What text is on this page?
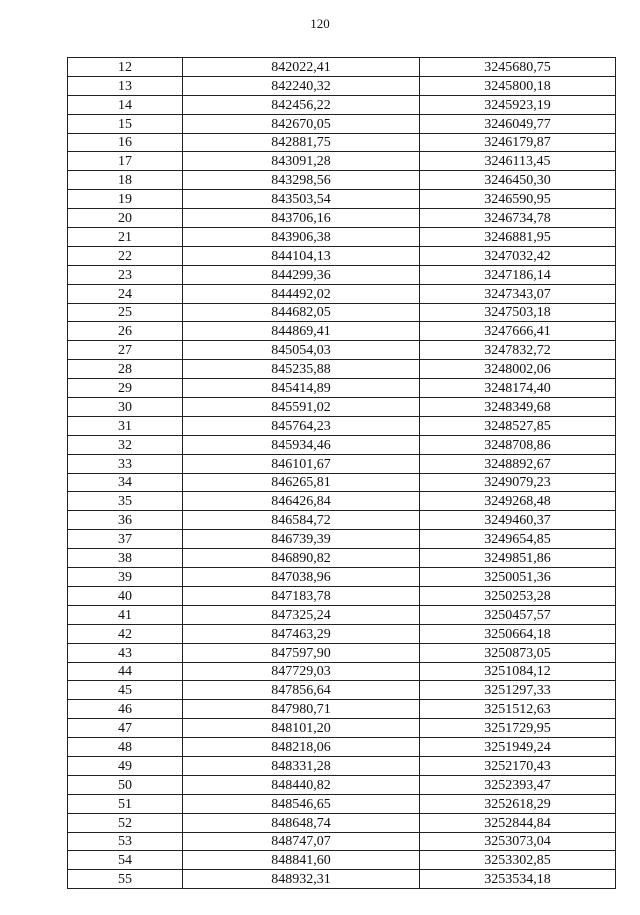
120
12	842022,41	3245680,75
13	842240,32	3245800,18
14	842456,22	3245923,19
15	842670,05	3246049,77
16	842881,75	3246179,87
17	843091,28	3246113,45
18	843298,56	3246450,30
19	843503,54	3246590,95
20	843706,16	3246734,78
21	843906,38	3246881,95
22	844104,13	3247032,42
23	844299,36	3247186,14
24	844492,02	3247343,07
25	844682,05	3247503,18
26	844869,41	3247666,41
27	845054,03	3247832,72
28	845235,88	3248002,06
29	845414,89	3248174,40
30	845591,02	3248349,68
31	845764,23	3248527,85
32	845934,46	3248708,86
33	846101,67	3248892,67
34	846265,81	3249079,23
35	846426,84	3249268,48
36	846584,72	3249460,37
37	846739,39	3249654,85
38	846890,82	3249851,86
39	847038,96	3250051,36
40	847183,78	3250253,28
41	847325,24	3250457,57
42	847463,29	3250664,18
43	847597,90	3250873,05
44	847729,03	3251084,12
45	847856,64	3251297,33
46	847980,71	3251512,63
47	848101,20	3251729,95
48	848218,06	3251949,24
49	848331,28	3252170,43
50	848440,82	3252393,47
51	848546,65	3252618,29
52	848648,74	3252844,84
53	848747,07	3253073,04
54	848841,60	3253302,85
55	848932,31	3253534,18
